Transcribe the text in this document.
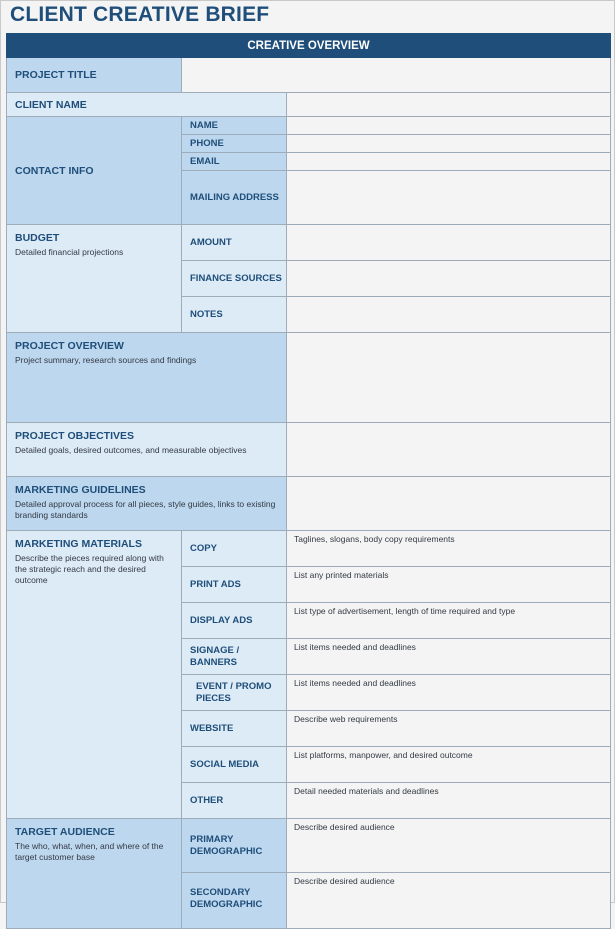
CLIENT CREATIVE BRIEF
CREATIVE OVERVIEW
PROJECT TITLE
CLIENT NAME
CONTACT INFO
NAME
PHONE
EMAIL
MAILING ADDRESS
BUDGET
Detailed financial projections
AMOUNT
FINANCE SOURCES
NOTES
PROJECT OVERVIEW
Project summary, research sources and findings
PROJECT OBJECTIVES
Detailed goals, desired outcomes, and measurable objectives
MARKETING GUIDELINES
Detailed approval process for all pieces, style guides, links to existing branding standards
MARKETING MATERIALS
Describe the pieces required along with the strategic reach and the desired outcome
COPY
Taglines, slogans, body copy requirements
PRINT ADS
List any printed materials
DISPLAY ADS
List type of advertisement, length of time required and type
SIGNAGE / BANNERS
List items needed and deadlines
EVENT / PROMO PIECES
List items needed and deadlines
WEBSITE
Describe web requirements
SOCIAL MEDIA
List platforms, manpower, and desired outcome
OTHER
Detail needed materials and deadlines
TARGET AUDIENCE
The who, what, when, and where of the target customer base
PRIMARY DEMOGRAPHIC
Describe desired audience
SECONDARY DEMOGRAPHIC
Describe desired audience
